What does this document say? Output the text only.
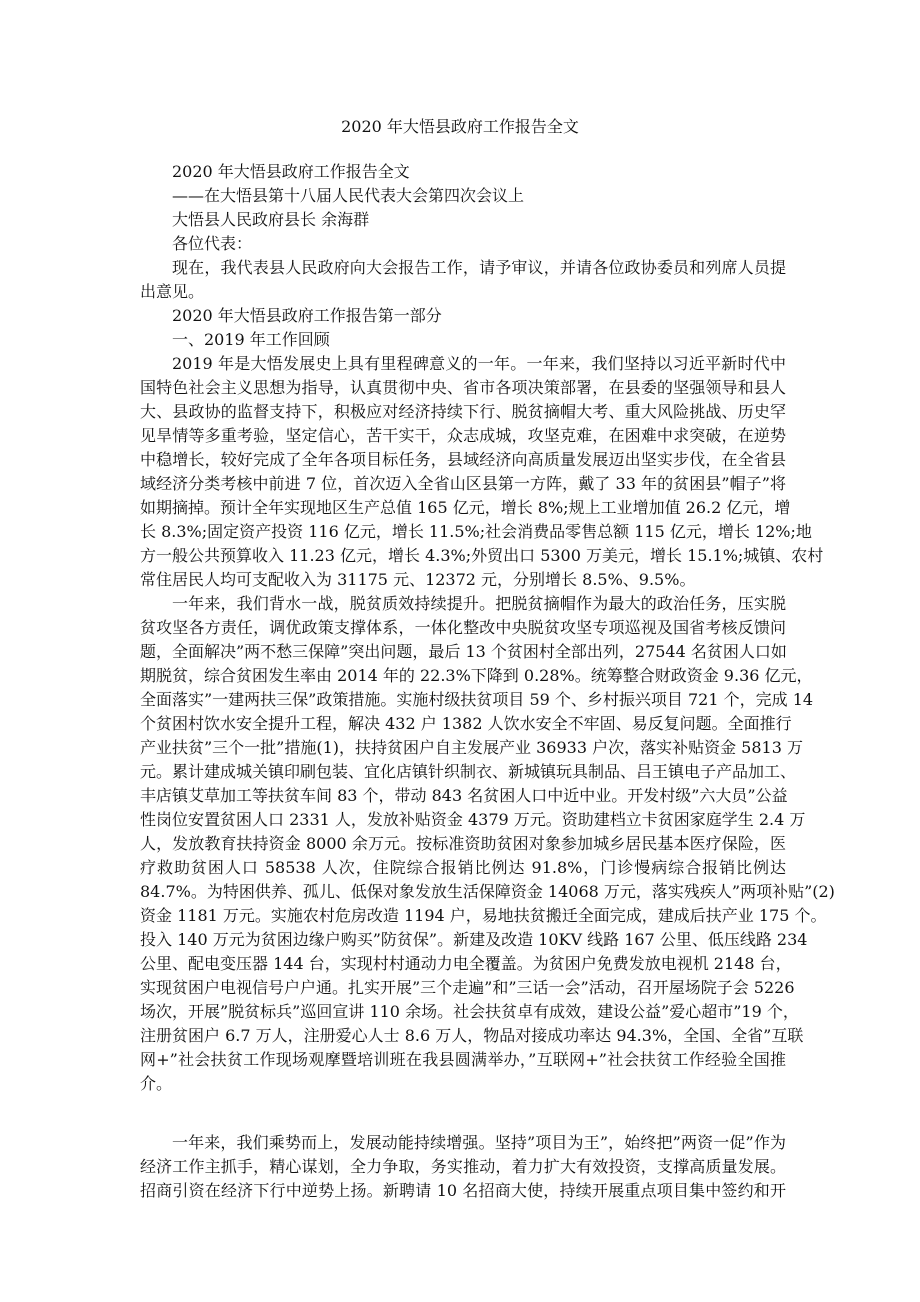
2020 年大悟县政府工作报告全文
2020 年大悟县政府工作报告全文
——在大悟县第十八届人民代表大会第四次会议上
大悟县人民政府县长 余海群
各位代表：
现在，我代表县人民政府向大会报告工作，请予审议，并请各位政协委员和列席人员提
出意见。
2020 年大悟县政府工作报告第一部分
一、2019 年工作回顾
2019 年是大悟发展史上具有里程碑意义的一年。一年来，我们坚持以习近平新时代中
国特色社会主义思想为指导，认真贯彻中央、省市各项决策部署，在县委的坚强领导和县人
大、县政协的监督支持下，积极应对经济持续下行、脱贫摘帽大考、重大风险挑战、历史罕
见旱情等多重考验，坚定信心，苦干实干，众志成城，攻坚克难，在困难中求突破，在逆势
中稳增长，较好完成了全年各项目标任务，县域经济向高质量发展迈出坚实步伐，在全省县
域经济分类考核中前进 7 位，首次迈入全省山区县第一方阵，戴了 33 年的贫困县”帽子”将
如期摘掉。预计全年实现地区生产总值 165 亿元，增长 8%;规上工业增加值 26.2 亿元，增
长 8.3%;固定资产投资 116 亿元，增长 11.5%;社会消费品零售总额 115 亿元，增长 12%;地
方一般公共预算收入 11.23 亿元，增长 4.3%;外贸出口 5300 万美元，增长 15.1%;城镇、农村
常住居民人均可支配收入为 31175 元、12372 元，分别增长 8.5%、9.5%。
一年来，我们背水一战，脱贫质效持续提升。把脱贫摘帽作为最大的政治任务，压实脱
贫攻坚各方责任，调优政策支撑体系，一体化整改中央脱贫攻坚专项巡视及国省考核反馈问
题，全面解决”两不愁三保障”突出问题，最后 13 个贫困村全部出列，27544 名贫困人口如
期脱贫，综合贫困发生率由 2014 年的 22.3%下降到 0.28%。统筹整合财政资金 9.36 亿元，
全面落实”一建两扶三保”政策措施。实施村级扶贫项目 59 个、乡村振兴项目 721 个，完成 14
个贫困村饮水安全提升工程，解决 432 户 1382 人饮水安全不牢固、易反复问题。全面推行
产业扶贫”三个一批”措施(1)，扶持贫困户自主发展产业 36933 户次，落实补贴资金 5813 万
元。累计建成城关镇印刷包装、宜化店镇针织制衣、新城镇玩具制品、吕王镇电子产品加工、
丰店镇艾草加工等扶贫车间 83 个，带动 843 名贫困人口中近中业。开发村级”六大员”公益
性岗位安置贫困人口 2331 人，发放补贴资金 4379 万元。资助建档立卡贫困家庭学生 2.4 万
人，发放教育扶持资金 8000 余万元。按标准资助贫困对象参加城乡居民基本医疗保险，医
疗救助贫困人口 58538 人次，住院综合报销比例达 91.8%，门诊慢病综合报销比例达
84.7%。为特困供养、孤儿、低保对象发放生活保障资金 14068 万元，落实残疾人”两项补贴”(2)
资金 1181 万元。实施农村危房改造 1194 户，易地扶贫搬迁全面完成，建成后扶产业 175 个。
投入 140 万元为贫困边缘户购买”防贫保”。新建及改造 10KV 线路 167 公里、低压线路 234
公里、配电变压器 144 台，实现村村通动力电全覆盖。为贫困户免费发放电视机 2148 台，
实现贫困户电视信号户户通。扎实开展”三个走遍”和”三话一会”活动，召开屋场院子会 5226
场次，开展”脱贫标兵”巡回宣讲 110 余场。社会扶贫卓有成效，建设公益”爱心超市”19 个，
注册贫困户 6.7 万人，注册爱心人士 8.6 万人，物品对接成功率达 94.3%，全国、全省”互联
网+”社会扶贫工作现场观摩暨培训班在我县圆满举办，”互联网+”社会扶贫工作经验全国推
介。
一年来，我们乘势而上，发展动能持续增强。坚持”项目为王”，始终把”两资一促”作为
经济工作主抓手，精心谋划，全力争取，务实推动，着力扩大有效投资，支撑高质量发展。
招商引资在经济下行中逆势上扬。新聘请 10 名招商大使，持续开展重点项目集中签约和开
